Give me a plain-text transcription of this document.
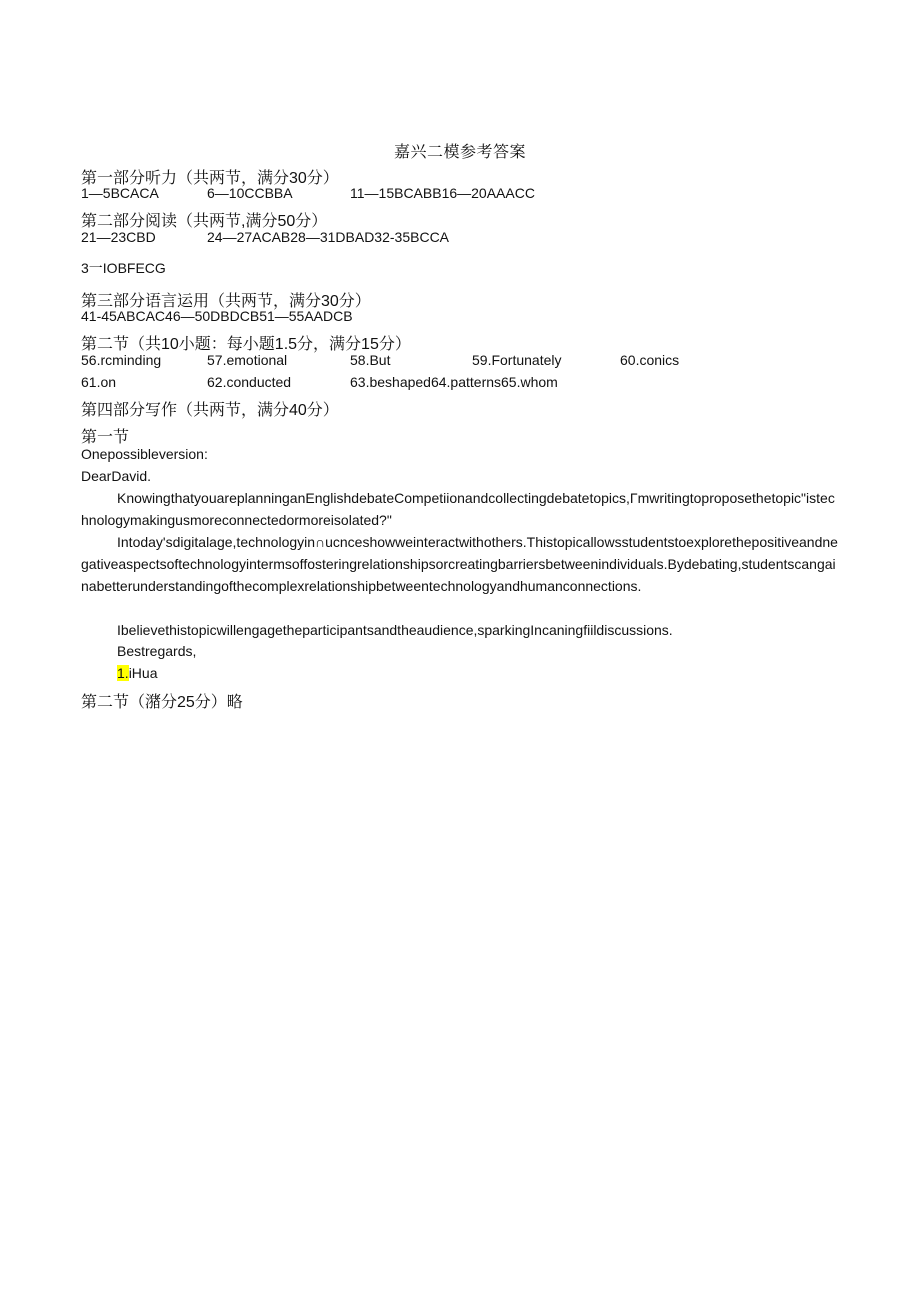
嘉兴二模参考答案
第一部分听力（共两节，满分30分）
1—5BCACA	6—10CCBBA	11—15BCABB16—20AAACC
第二部分阅读（共两节,满分50分）
21—23CBD	24—27ACAB28—31DBAD32-35BCCA
3一IOBFECG
第三部分语言运用（共两节，满分30分）
41-45ABCAC46—50DBDCB51—55AADCB
第二节（共10小题：每小题1.5分，满分15分）
56.rcminding	57.emotional	58.But	59.Fortunately	60.conics
61.on	62.conducted	63.beshaped64.patterns65.whom
第四部分写作（共两节，满分40分）
第一节
Onepossibleversion:
DearDavid.
KnowingthatyouareplanninganEnglishdebateCompetiionandcollectingdebatetopics,Γmwritingtoproposethetopic"istechnologymakingusmoreconnectedormoreisolated?"
Intoday'sdigitalage,technologyin∩ucnceshowweinteractwithothers.Thistopicallowsstudentstoexplorethepositiveandnegativeaspectsoftechnologyintermsoffosteringrelationshipsorcreatingbarriersbetweenindividuals.Bydebating,studentscangainabetterunderstandingofthecomplexrelationshipbetweentechnologyandhumanconnections.
Ibelievethistopicwillengagetheparticipantsandtheaudience,sparkingIncaningfiildiscussions.
Bestregards,
1.iHua
第二节（潴分25分）略
